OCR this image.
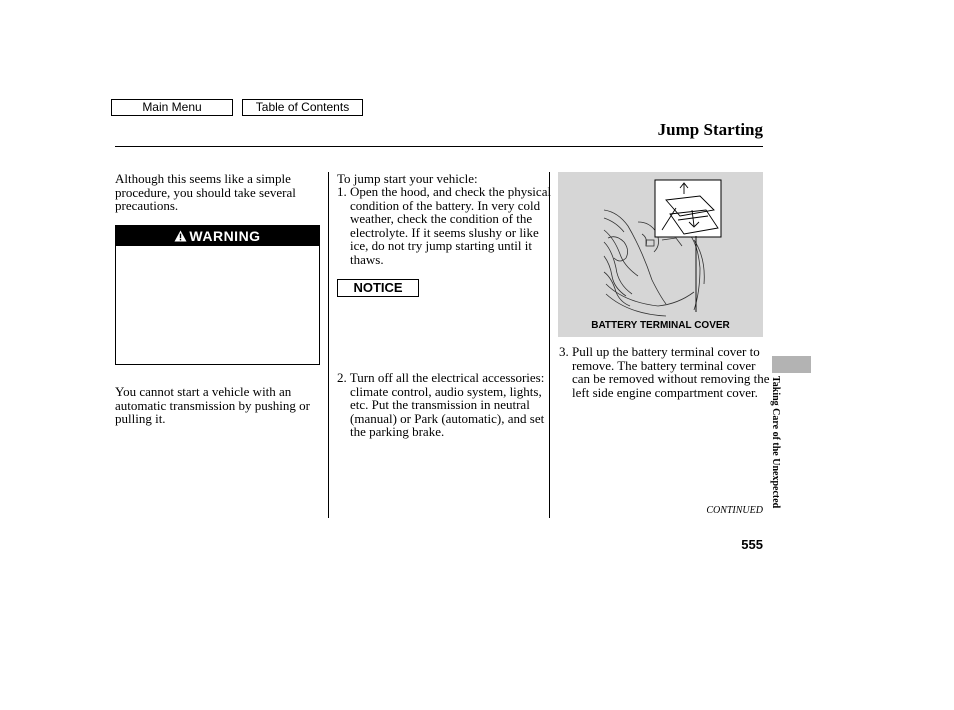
Main Menu	Table of Contents
Jump Starting

Although this seems like a simple procedure, you should take several precautions.

WARNING

You cannot start a vehicle with an automatic transmission by pushing or pulling it.

To jump start your vehicle:

1. Open the hood, and check the physical condition of the battery. In very cold weather, check the condition of the electrolyte. If it seems slushy or like ice, do not try jump starting until it thaws.

NOTICE

2. Turn off all the electrical accessories: climate control, audio system, lights, etc. Put the transmission in neutral (manual) or Park (automatic), and set the parking brake.

BATTERY TERMINAL COVER

3. Pull up the battery terminal cover to remove. The battery terminal cover can be removed without removing the left side engine compartment cover.	Taking Care of the Unexpected
CONTINUED
555
